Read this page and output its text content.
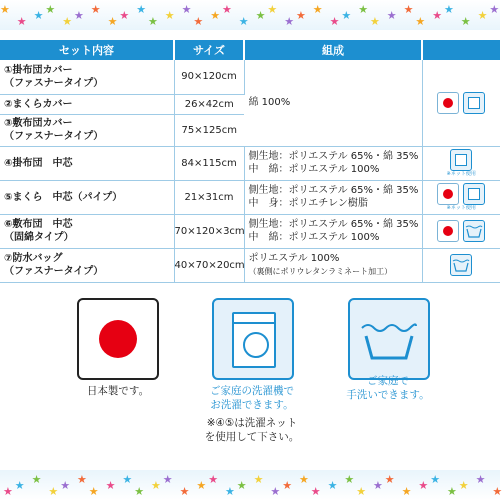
★
★ ★ ★
★ ★ ★
★ ★ ★
★ ★ ★
★ ★ ★
★ ★ ★
★ ★ ★
★ ★ ★
★ ★ ★
★ ★ ★
★ ★ ★
セット内容	サイズ	組成	
①掛布団カバー
（ファスナータイプ）	90×120cm	綿 100%	

②まくらカバー	26×42cm		
③敷布団カバー
（ファスナータイプ）	75×125cm		
④掛布団　中芯	84×115cm	側生地：ポリエステル 65%・綿 35%
中　綿：ポリエステル 100%	※ネット使用

⑤まくら　中芯（パイプ）	21×31cm	側生地：ポリエステル 65%・綿 35%
中　身：ポリエチレン樹脂	※ネット使用

⑥敷布団　中芯
（固綿タイプ）	70×120×3cm	側生地：ポリエステル 65%・綿 35%
中　綿：ポリエステル 100%	

⑦防水バッグ
（ファスナータイプ）	40×70×20cm	ポリエステル 100%
（裏側にポリウレタンラミネート加工）	
日本製です。	ご家庭の洗濯機で
お洗濯できます。
※④⑤は洗濯ネット
を使用して下さい。
ご家庭で
手洗いできます。
★ ★ ★
★ ★ ★
★ ★ ★
★ ★ ★
★ ★ ★
★ ★ ★
★ ★ ★
★ ★ ★
★ ★ ★
★ ★ ★
★ ★ ★
★
